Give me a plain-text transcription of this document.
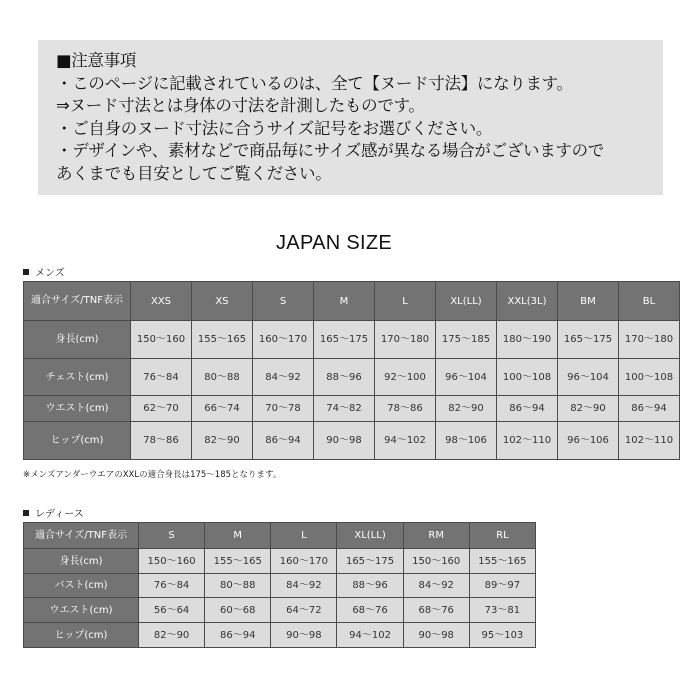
■注意事項
・このページに記載されているのは、全て【ヌード寸法】になります。
⇒ヌード寸法とは身体の寸法を計測したものです。
・ご自身のヌード寸法に合うサイズ記号をお選びください。
・デザインや、素材などで商品毎にサイズ感が異なる場合がございますので
あくまでも目安としてご覧ください。
JAPAN SIZE
メンズ
適合サイズ/TNF表示	XXS	XS	S	M	L	XL(LL)	XXL(3L)	BM	BL
身長(cm)	150〜160	155〜165	160〜170	165〜175	170〜180	175〜185	180〜190	165〜175	170〜180
チェスト(cm)	76〜84	80〜88	84〜92	88〜96	92〜100	96〜104	100〜108	96〜104	100〜108
ウエスト(cm)	62〜70	66〜74	70〜78	74〜82	78〜86	82〜90	86〜94	82〜90	86〜94
ヒップ(cm)	78〜86	82〜90	86〜94	90〜98	94〜102	98〜106	102〜110	96〜106	102〜110
※メンズアンダーウエアのXXLの適合身長は175〜185となります。
レディース
適合サイズ/TNF表示	S	M	L	XL(LL)	RM	RL
身長(cm)	150〜160	155〜165	160〜170	165〜175	150〜160	155〜165
バスト(cm)	76〜84	80〜88	84〜92	88〜96	84〜92	89〜97
ウエスト(cm)	56〜64	60〜68	64〜72	68〜76	68〜76	73〜81
ヒップ(cm)	82〜90	86〜94	90〜98	94〜102	90〜98	95〜103
